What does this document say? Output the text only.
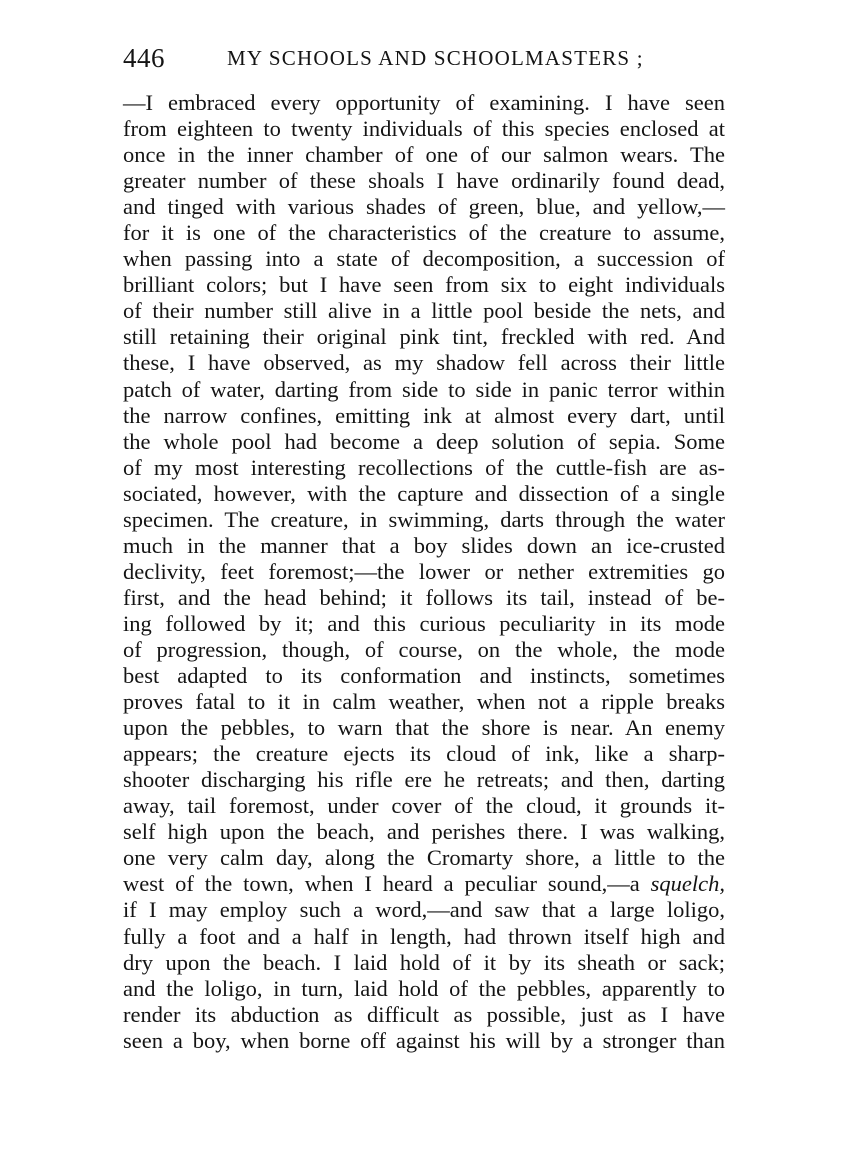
446	MY SCHOOLS AND SCHOOLMASTERS ;
—I embraced every opportunity of examining. I have seen
from eighteen to twenty individuals of this species enclosed at
once in the inner chamber of one of our salmon wears. The
greater number of these shoals I have ordinarily found dead,
and tinged with various shades of green, blue, and yellow,—
for it is one of the characteristics of the creature to assume,
when passing into a state of decomposition, a succession of
brilliant colors; but I have seen from six to eight individuals
of their number still alive in a little pool beside the nets, and
still retaining their original pink tint, freckled with red. And
these, I have observed, as my shadow fell across their little
patch of water, darting from side to side in panic terror within
the narrow confines, emitting ink at almost every dart, until
the whole pool had become a deep solution of sepia. Some
of my most interesting recollections of the cuttle-fish are as-
sociated, however, with the capture and dissection of a single
specimen. The creature, in swimming, darts through the water
much in the manner that a boy slides down an ice-crusted
declivity, feet foremost;—the lower or nether extremities go
first, and the head behind; it follows its tail, instead of be-
ing followed by it; and this curious peculiarity in its mode
of progression, though, of course, on the whole, the mode
best adapted to its conformation and instincts, sometimes
proves fatal to it in calm weather, when not a ripple breaks
upon the pebbles, to warn that the shore is near. An enemy
appears; the creature ejects its cloud of ink, like a sharp-
shooter discharging his rifle ere he retreats; and then, darting
away, tail foremost, under cover of the cloud, it grounds it-
self high upon the beach, and perishes there. I was walking,
one very calm day, along the Cromarty shore, a little to the
west of the town, when I heard a peculiar sound,—a squelch,
if I may employ such a word,—and saw that a large loligo,
fully a foot and a half in length, had thrown itself high and
dry upon the beach. I laid hold of it by its sheath or sack;
and the loligo, in turn, laid hold of the pebbles, apparently to
render its abduction as difficult as possible, just as I have
seen a boy, when borne off against his will by a stronger than
